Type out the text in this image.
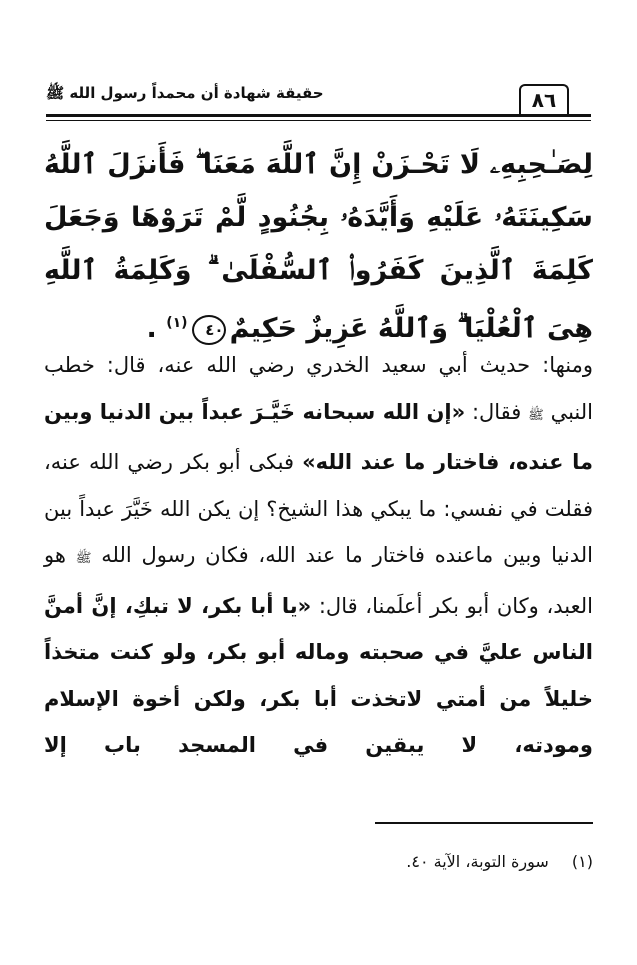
حقيقة شهادة أن محمداً رسول الله ﷺ	٨٦
لِصَـٰحِبِهِۦ لَا تَحْـزَنْ إِنَّ ٱللَّهَ مَعَنَا ۖ فَأَنزَلَ ٱللَّهُ سَكِينَتَهُۥ عَلَيْهِ وَأَيَّدَهُۥ بِجُنُودٍ لَّمْ تَرَوْهَا وَجَعَلَ كَلِمَةَ ٱلَّذِينَ كَفَرُوا۟ ٱلسُّفْلَىٰ ۗ وَكَلِمَةُ ٱللَّهِ هِىَ ٱلْعُلْيَا ۗ وَٱللَّهُ عَزِيزٌ حَكِيمٌ٤٠$^{(١)}$ .

ومنها: حديث أبي سعيد الخدري رضي الله عنه، قال: خطب النبي ﷺ فقال: «إن الله سبحانه خَيَّـرَ عبداً بين الدنيا وبين ما عنده، فاختار ما عند الله» فبكى أبو بكر رضي الله عنه، فقلت في نفسي: ما يبكي هذا الشيخ؟ إن يكن الله خَيَّرَ عبداً بين الدنيا وبين ماعنده فاختار ما عند الله، فكان رسول الله ﷺ هو العبد، وكان أبو بكر أعلَمنا، قال: «يا أبا بكر، لا تبكِ، إنَّ أمنَّ الناس عليَّ في صحبته وماله أبو بكر، ولو كنت متخذاً خليلاً من أمتي لاتخذت أبا بكر، ولكن أخوة الإسلام ومودته، لا يبقين في المسجد باب إلا

(١) سورة التوبة، الآية ٤٠.
